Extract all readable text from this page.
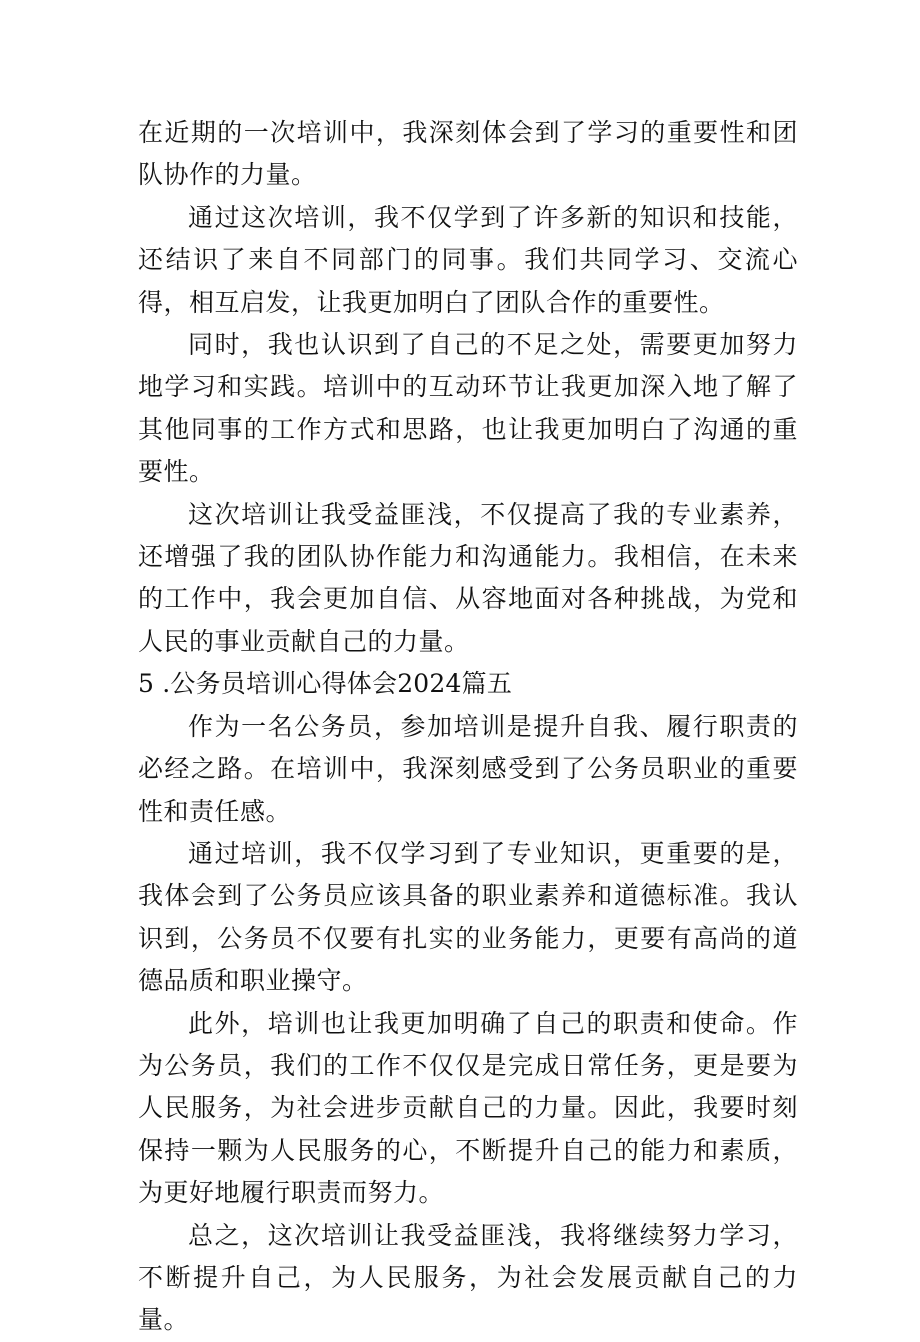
在近期的一次培训中，我深刻体会到了学习的重要性和团队协作的力量。

通过这次培训，我不仅学到了许多新的知识和技能，还结识了来自不同部门的同事。我们共同学习、交流心得，相互启发，让我更加明白了团队合作的重要性。

同时，我也认识到了自己的不足之处，需要更加努力地学习和实践。培训中的互动环节让我更加深入地了解了其他同事的工作方式和思路，也让我更加明白了沟通的重要性。

这次培训让我受益匪浅，不仅提高了我的专业素养，还增强了我的团队协作能力和沟通能力。我相信，在未来的工作中，我会更加自信、从容地面对各种挑战，为党和人民的事业贡献自己的力量。

5 .公务员培训心得体会2024篇五

作为一名公务员，参加培训是提升自我、履行职责的必经之路。在培训中，我深刻感受到了公务员职业的重要性和责任感。

通过培训，我不仅学习到了专业知识，更重要的是，我体会到了公务员应该具备的职业素养和道德标准。我认识到，公务员不仅要有扎实的业务能力，更要有高尚的道德品质和职业操守。

此外，培训也让我更加明确了自己的职责和使命。作为公务员，我们的工作不仅仅是完成日常任务，更是要为人民服务，为社会进步贡献自己的力量。因此，我要时刻保持一颗为人民服务的心，不断提升自己的能力和素质，为更好地履行职责而努力。

总之，这次培训让我受益匪浅，我将继续努力学习，不断提升自己，为人民服务，为社会发展贡献自己的力量。
